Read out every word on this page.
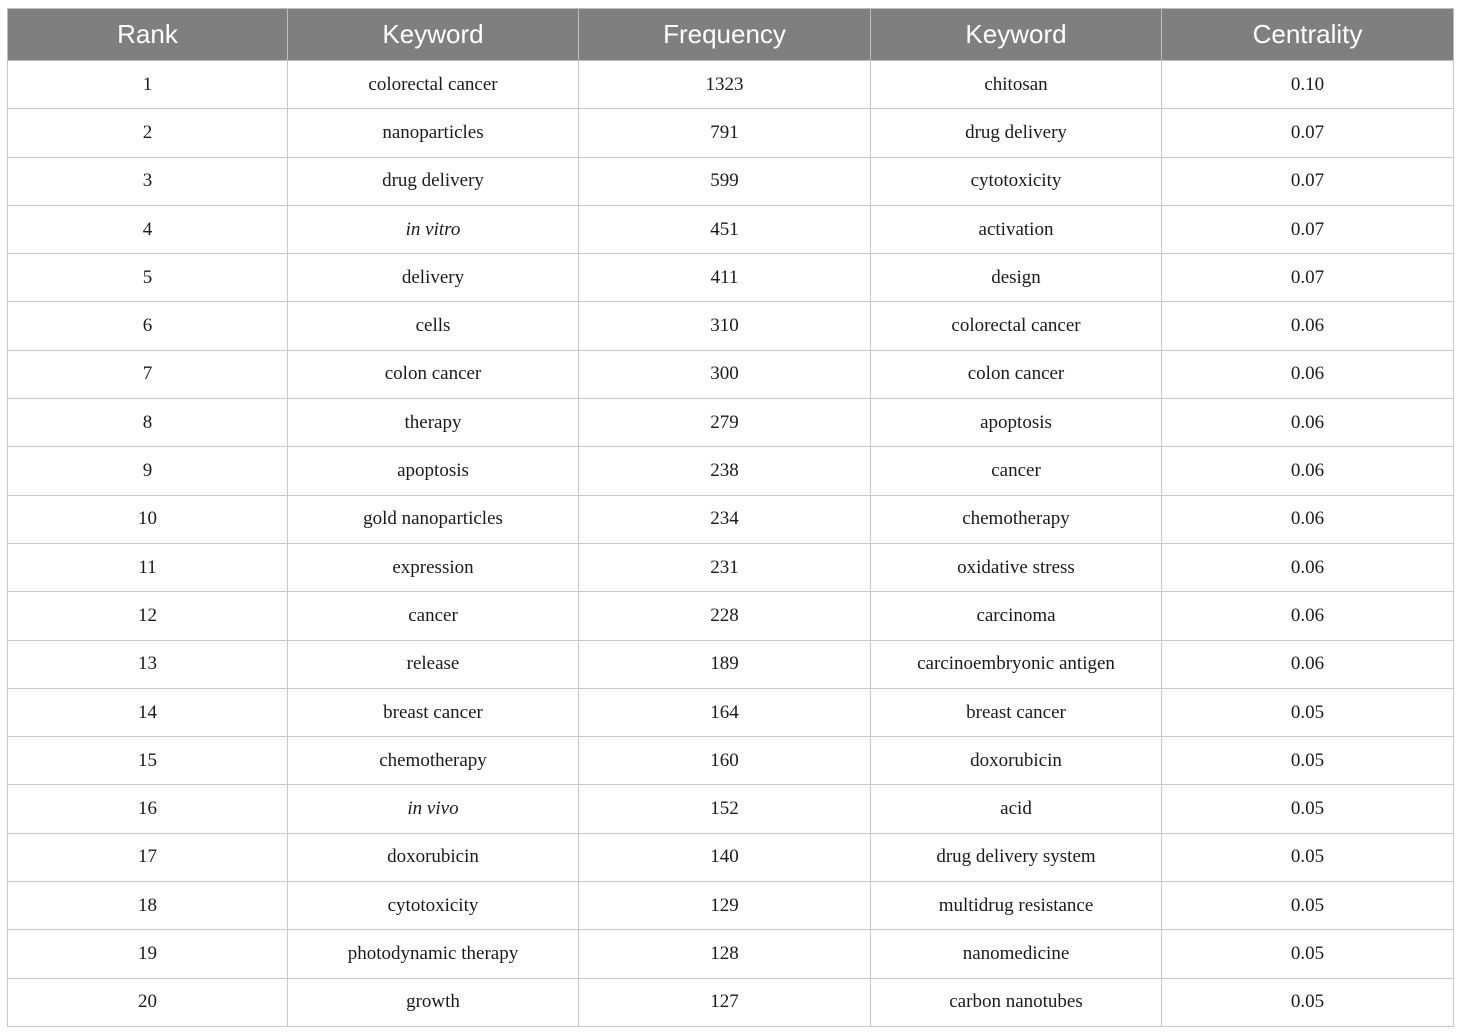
Rank	Keyword	Frequency	Keyword	Centrality
1	colorectal cancer	1323	chitosan	0.10
2	nanoparticles	791	drug delivery	0.07
3	drug delivery	599	cytotoxicity	0.07
4	in vitro	451	activation	0.07
5	delivery	411	design	0.07
6	cells	310	colorectal cancer	0.06
7	colon cancer	300	colon cancer	0.06
8	therapy	279	apoptosis	0.06
9	apoptosis	238	cancer	0.06
10	gold nanoparticles	234	chemotherapy	0.06
11	expression	231	oxidative stress	0.06
12	cancer	228	carcinoma	0.06
13	release	189	carcinoembryonic antigen	0.06
14	breast cancer	164	breast cancer	0.05
15	chemotherapy	160	doxorubicin	0.05
16	in vivo	152	acid	0.05
17	doxorubicin	140	drug delivery system	0.05
18	cytotoxicity	129	multidrug resistance	0.05
19	photodynamic therapy	128	nanomedicine	0.05
20	growth	127	carbon nanotubes	0.05
